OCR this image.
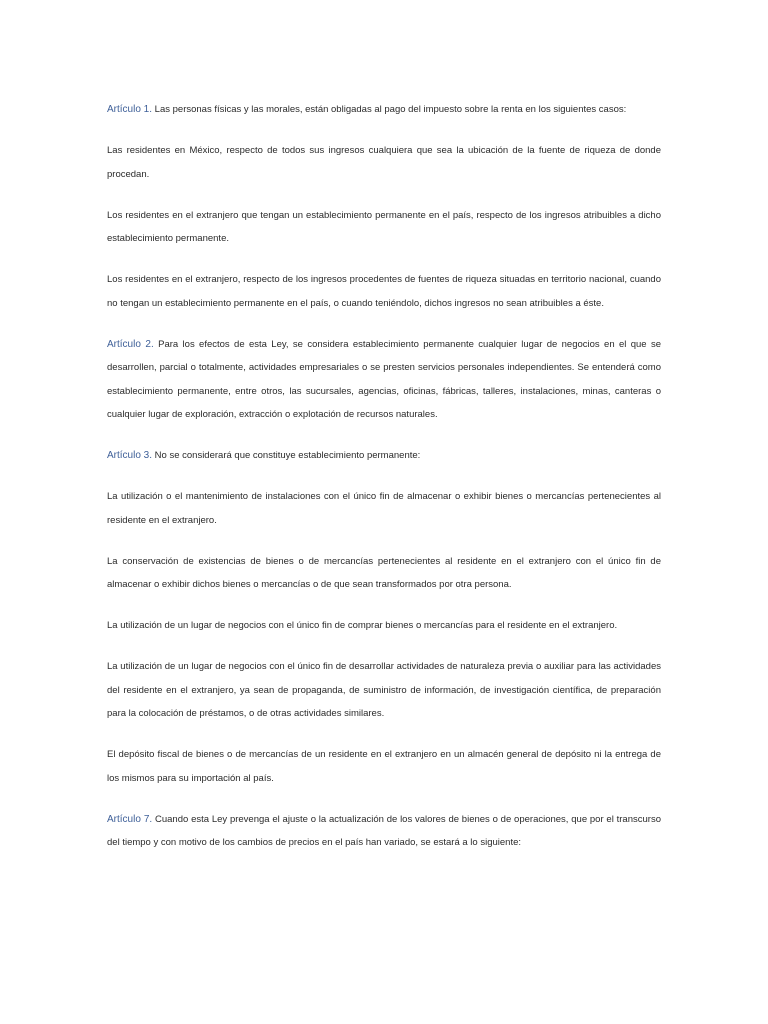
Artículo 1. Las personas físicas y las morales, están obligadas al pago del impuesto sobre la renta en los siguientes casos:

Las residentes en México, respecto de todos sus ingresos cualquiera que sea la ubicación de la fuente de riqueza de donde procedan.

Los residentes en el extranjero que tengan un establecimiento permanente en el país, respecto de los ingresos atribuibles a dicho establecimiento permanente.

Los residentes en el extranjero, respecto de los ingresos procedentes de fuentes de riqueza situadas en territorio nacional, cuando no tengan un establecimiento permanente en el país, o cuando teniéndolo, dichos ingresos no sean atribuibles a éste.

Artículo 2. Para los efectos de esta Ley, se considera establecimiento permanente cualquier lugar de negocios en el que se desarrollen, parcial o totalmente, actividades empresariales o se presten servicios personales independientes. Se entenderá como establecimiento permanente, entre otros, las sucursales, agencias, oficinas, fábricas, talleres, instalaciones, minas, canteras o cualquier lugar de exploración, extracción o explotación de recursos naturales.

Artículo 3. No se considerará que constituye establecimiento permanente:

La utilización o el mantenimiento de instalaciones con el único fin de almacenar o exhibir bienes o mercancías pertenecientes al residente en el extranjero.

La conservación de existencias de bienes o de mercancías pertenecientes al residente en el extranjero con el único fin de almacenar o exhibir dichos bienes o mercancías o de que sean transformados por otra persona.

La utilización de un lugar de negocios con el único fin de comprar bienes o mercancías para el residente en el extranjero.

La utilización de un lugar de negocios con el único fin de desarrollar actividades de naturaleza previa o auxiliar para las actividades del residente en el extranjero, ya sean de propaganda, de suministro de información, de investigación científica, de preparación para la colocación de préstamos, o de otras actividades similares.

El depósito fiscal de bienes o de mercancías de un residente en el extranjero en un almacén general de depósito ni la entrega de los mismos para su importación al país.

Artículo 7. Cuando esta Ley prevenga el ajuste o la actualización de los valores de bienes o de operaciones, que por el transcurso del tiempo y con motivo de los cambios de precios en el país han variado, se estará a lo siguiente:
